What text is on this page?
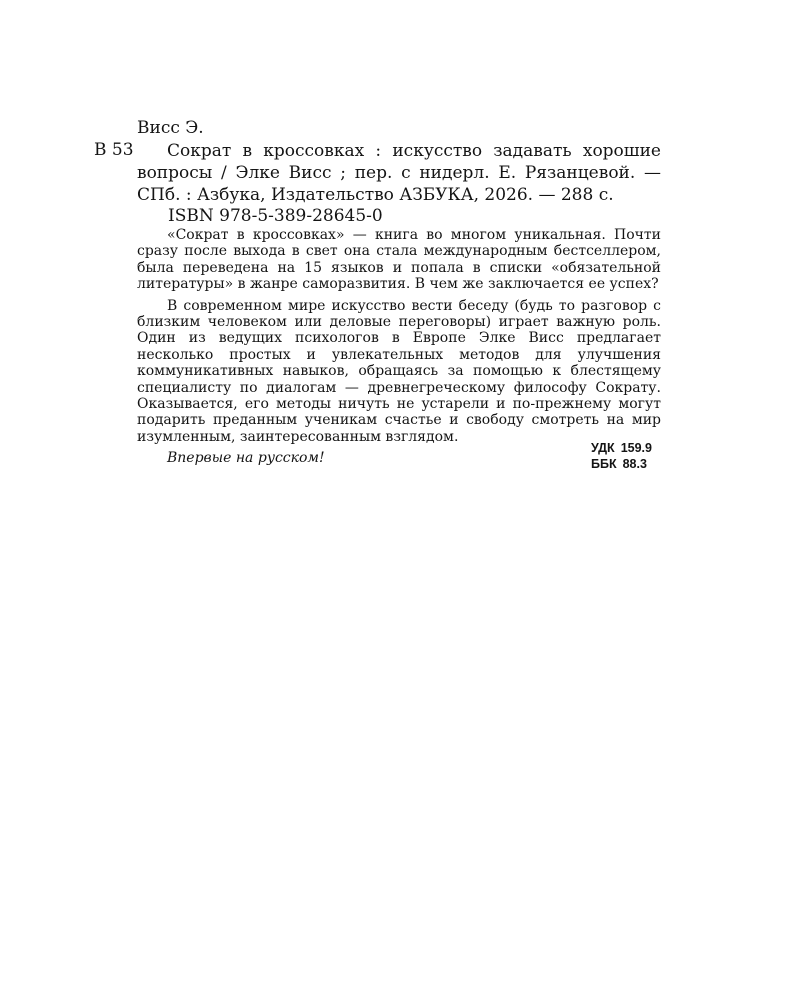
Висс Э.
В 53	Сократ в кроссовках : искусство задавать хорошие вопросы / Элке Висс ; пер. с нидерл. Е. Рязанцевой. — СПб. : Азбука, Издательство АЗБУКА, 2026. — 288 с.

ISBN 978-5-389-28645-0

«Сократ в кроссовках» — книга во многом уникальная. Почти сразу после выхода в свет она стала международным бестселлером, была переведена на 15 языков и попала в списки «обязательной литературы» в жанре саморазвития. В чем же заключается ее успех?

В современном мире искусство вести беседу (будь то разговор с близким человеком или деловые переговоры) играет важную роль. Один из ведущих психологов в Европе Элке Висс предлагает несколько простых и увлекательных методов для улучшения коммуникативных навыков, обращаясь за помощью к блестящему специалисту по диалогам — древнегреческому философу Сократу. Оказывается, его методы ничуть не устарели и по-прежнему могут подарить преданным ученикам счастье и свободу смотреть на мир изумленным, заинтересованным взглядом.

Впервые на русском!

УДК 159.9
ББК 88.3
